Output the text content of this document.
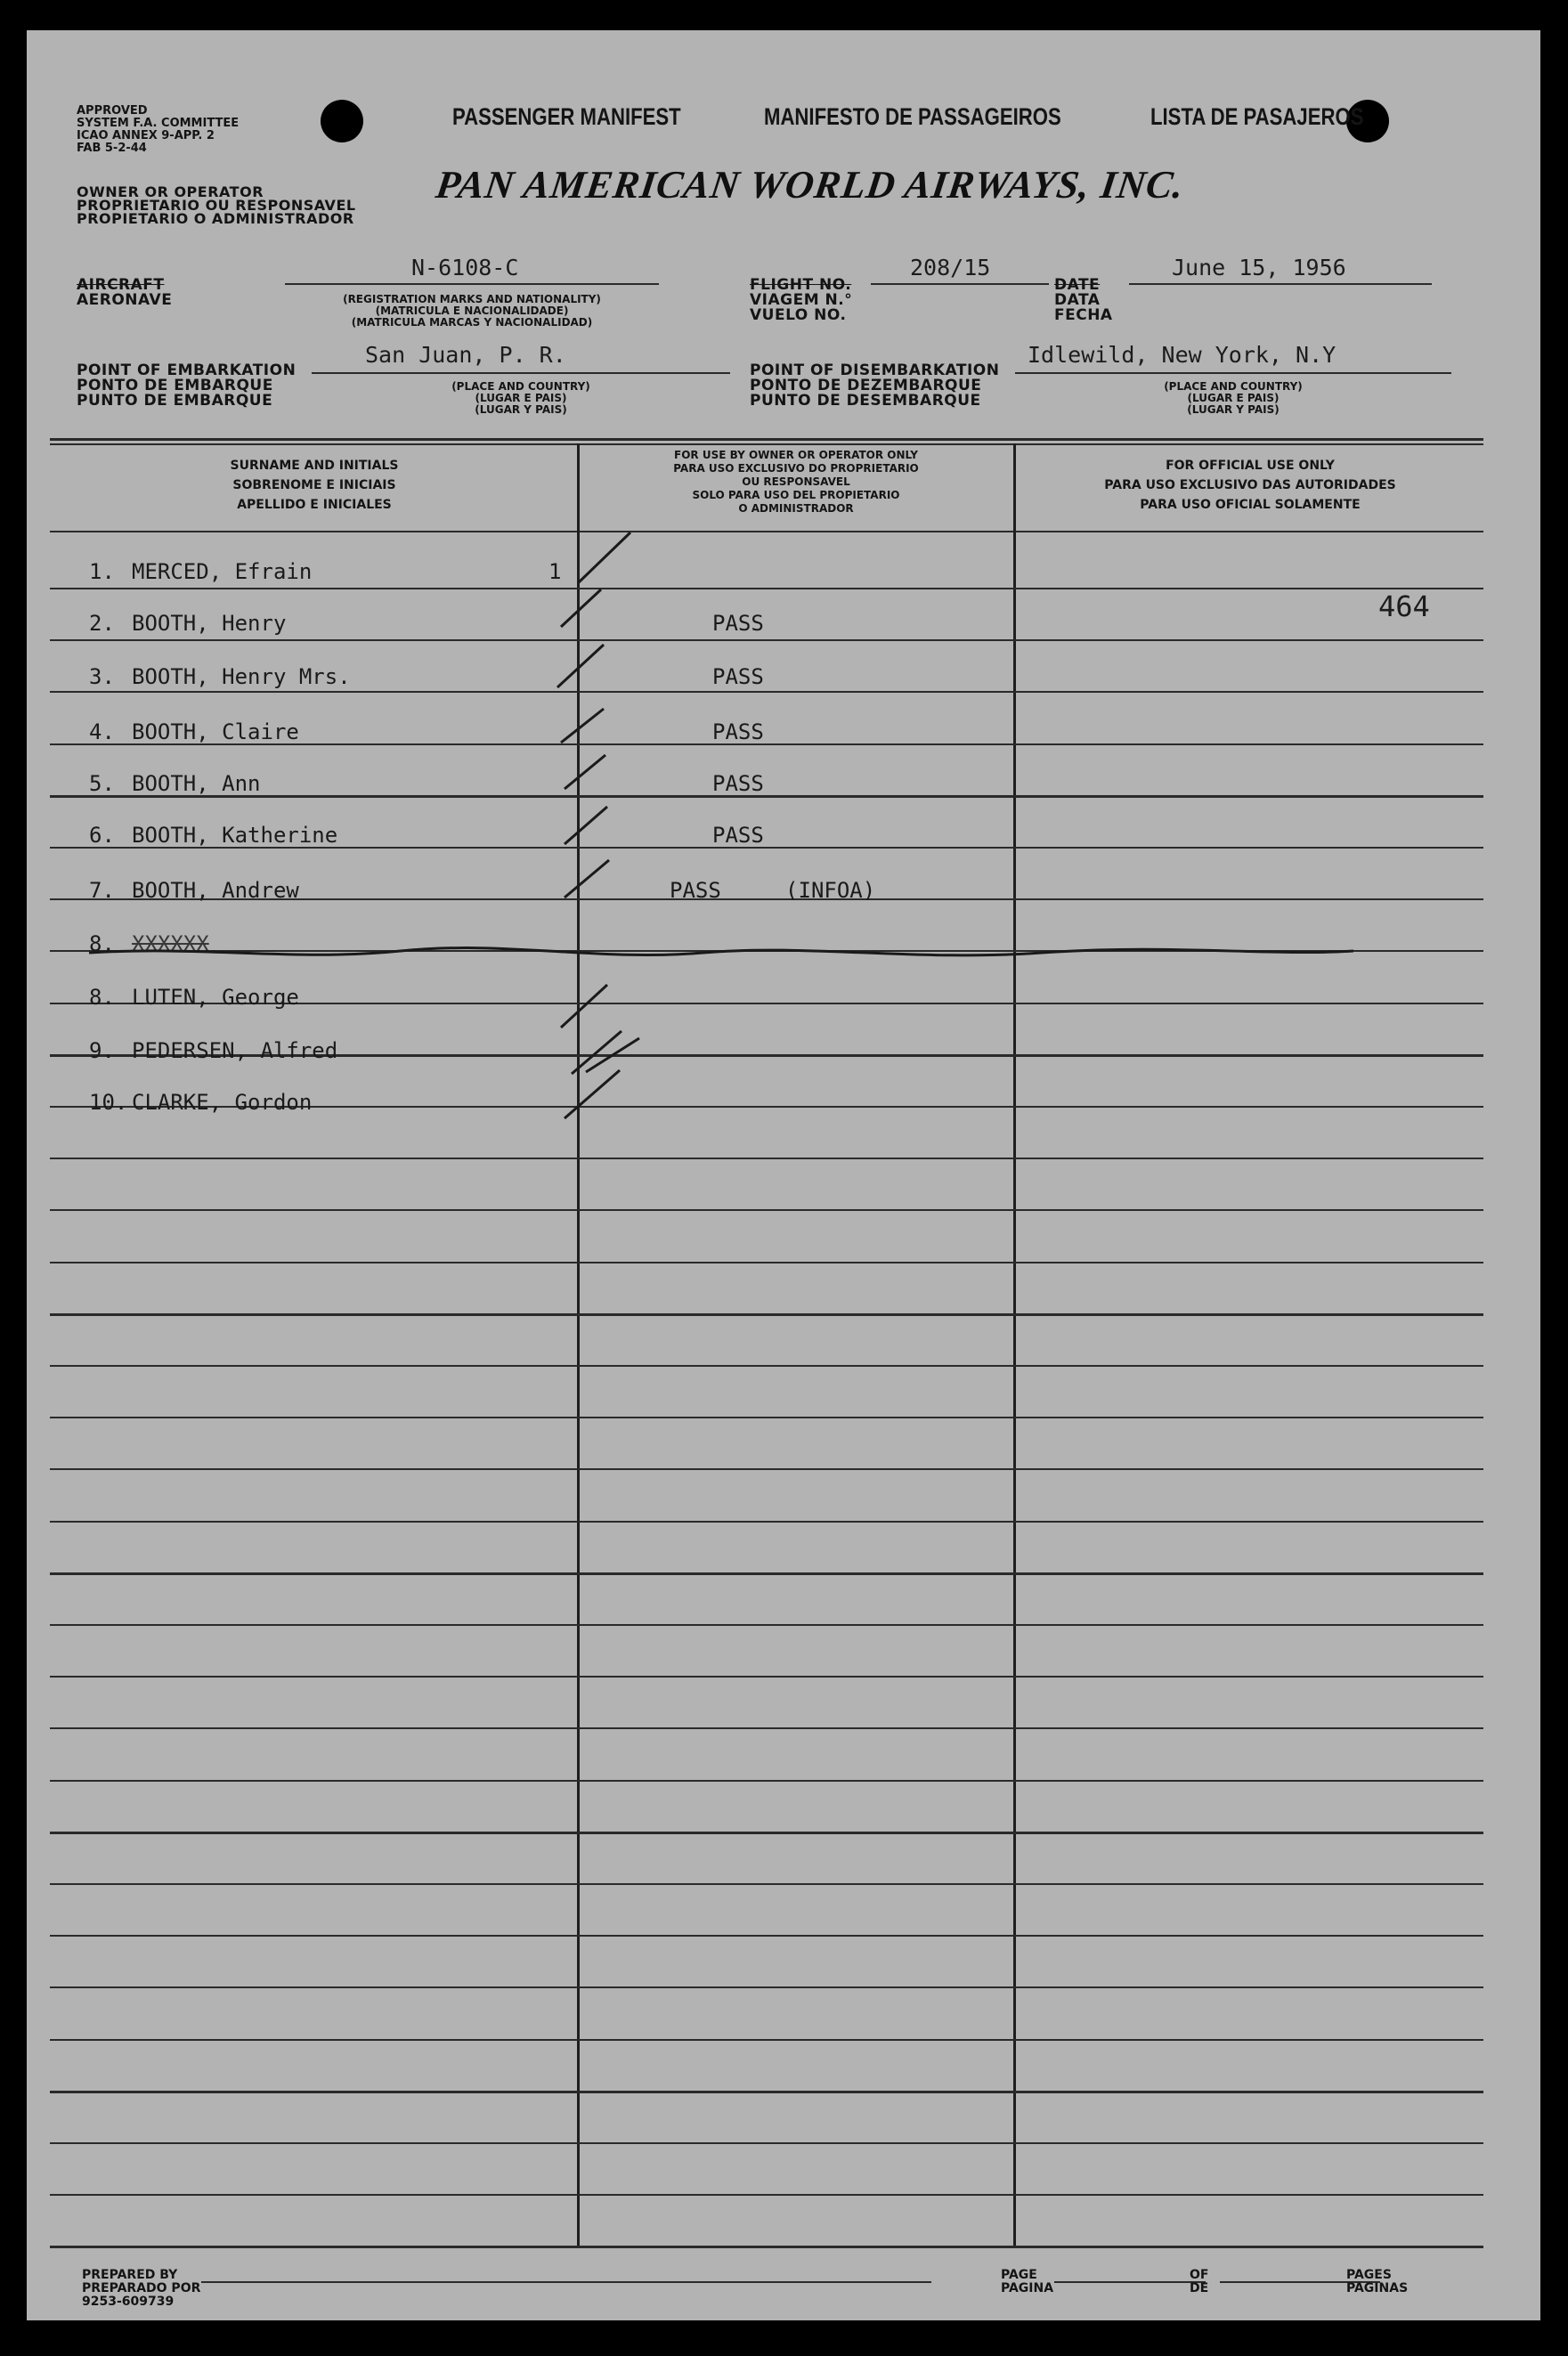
APPROVED
SYSTEM F.A. COMMITTEE
ICAO ANNEX 9-APP. 2
FAB 5-2-44
PASSENGER MANIFEST	MANIFESTO DE PASSAGEIROS	LISTA DE PASAJEROS
OWNER OR OPERATOR
PROPRIETARIO OU RESPONSAVEL
PROPIETARIO O ADMINISTRADOR
PAN AMERICAN WORLD AIRWAYS, INC.
AIRCRAFT
AERONAVE
N-6108-C
(REGISTRATION MARKS AND NATIONALITY)
(MATRICULA E NACIONALIDADE)
(MATRICULA MARCAS Y NACIONALIDAD)
FLIGHT NO.
VIAGEM N.°
VUELO NO.
208/15
DATE
DATA
FECHA
June 15, 1956
POINT OF EMBARKATION
PONTO DE EMBARQUE
PUNTO DE EMBARQUE
San Juan, P. R.
(PLACE AND COUNTRY)
(LUGAR E PAIS)
(LUGAR Y PAIS)
POINT OF DISEMBARKATION
PONTO DE DEZEMBARQUE
PUNTO DE DESEMBARQUE
Idlewild, New York, N.Y
(PLACE AND COUNTRY)
(LUGAR E PAIS)
(LUGAR Y PAIS)
SURNAME AND INITIALS
SOBRENOME E INICIAIS
APELLIDO E INICIALES
FOR USE BY OWNER OR OPERATOR ONLY
PARA USO EXCLUSIVO DO PROPRIETARIO
OU RESPONSAVEL
SOLO PARA USO DEL PROPIETARIO
O ADMINISTRADOR
FOR OFFICIAL USE ONLY
PARA USO EXCLUSIVO DAS AUTORIDADES
PARA USO OFICIAL SOLAMENTE
464
1. MERCED, Efrain	1
2. BOOTH, Henry	PASS
3. BOOTH, Henry Mrs.	PASS
4. BOOTH, Claire	PASS
5. BOOTH, Ann	PASS
6. BOOTH, Katherine	PASS
7. BOOTH, Andrew	PASS     (INFOA)
8. XXXXXX
8. LUTEN, George
9. PEDERSEN, Alfred
10. CLARKE, Gordon
PREPARED BY
PREPARADO POR
9253-609739
PAGE
PAGINA
OF
DE
PAGES
PAGINAS
